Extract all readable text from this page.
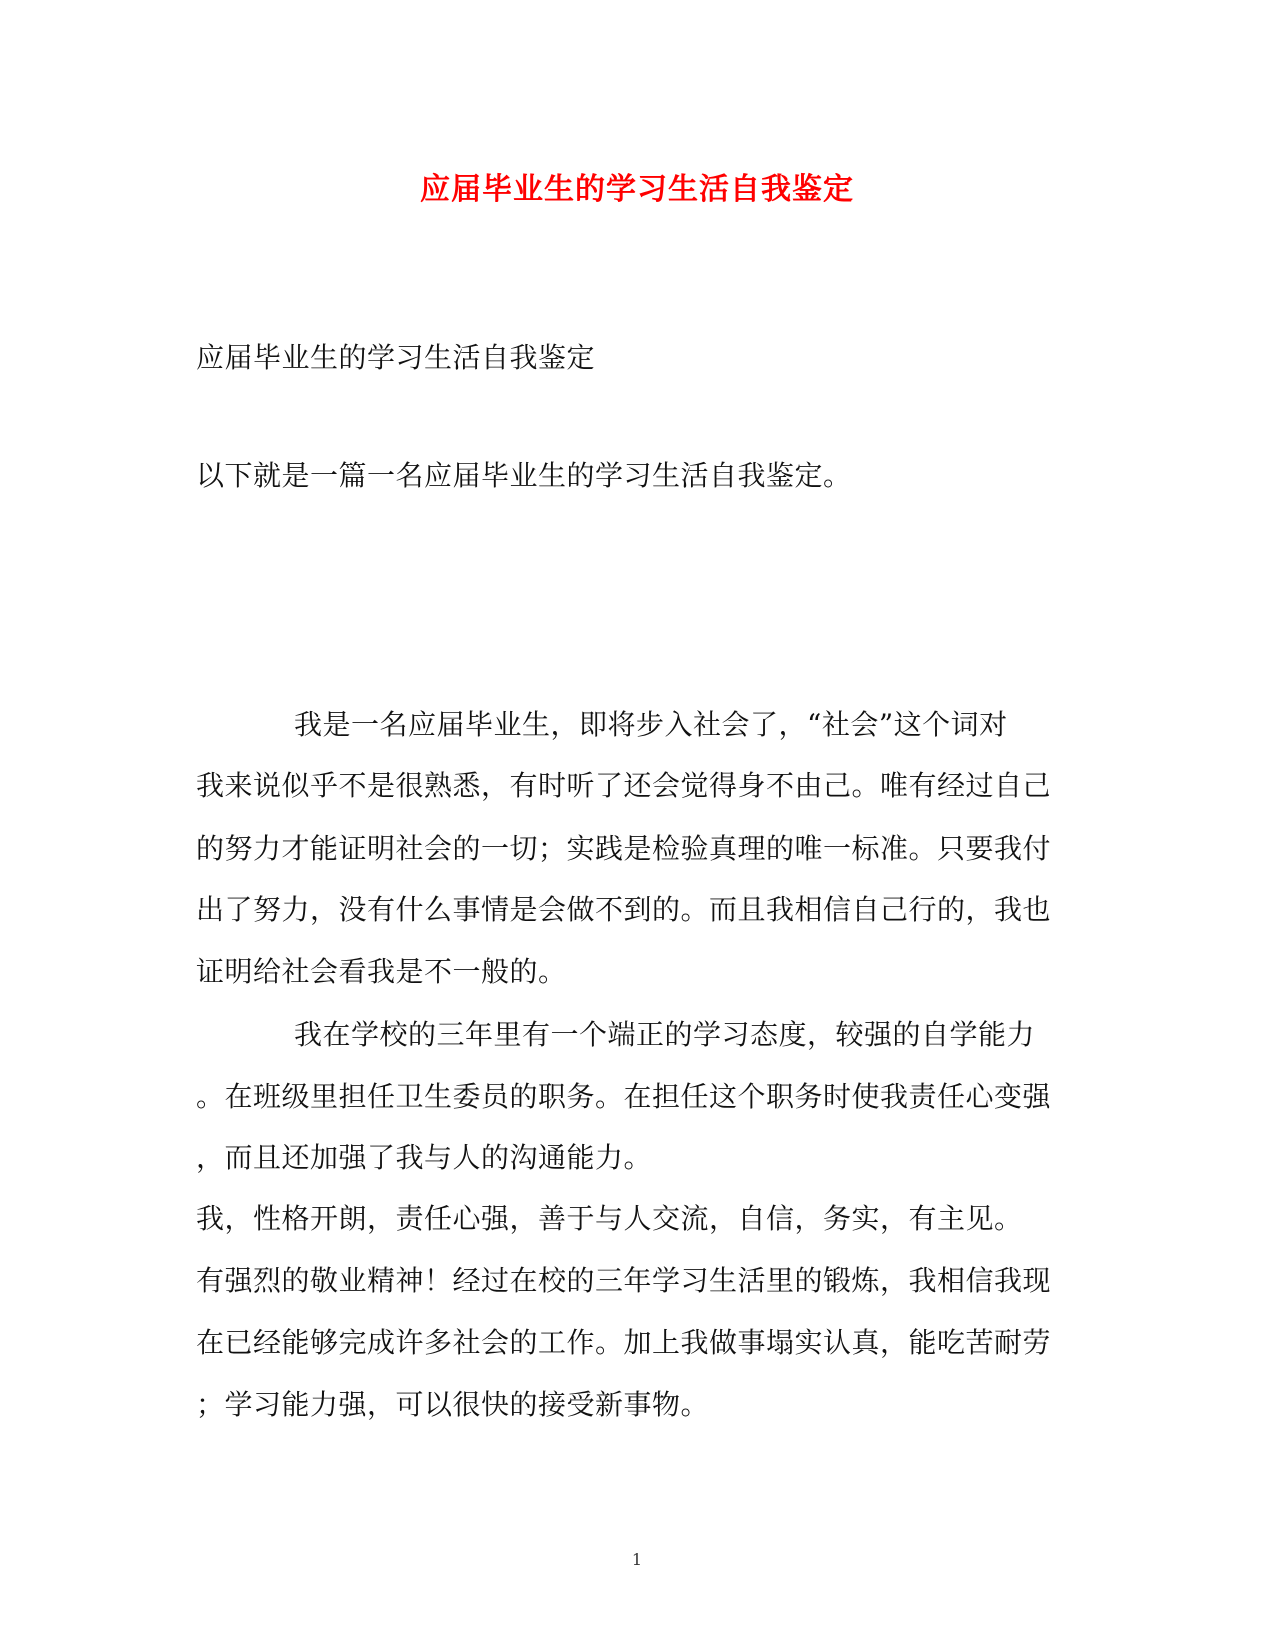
应届毕业生的学习生活自我鉴定
应届毕业生的学习生活自我鉴定
以下就是一篇一名应届毕业生的学习生活自我鉴定。
我是一名应届毕业生，即将步入社会了，“社会”这个词对
我来说似乎不是很熟悉，有时听了还会觉得身不由己。唯有经过自己
的努力才能证明社会的一切；实践是检验真理的唯一标准。只要我付
出了努力，没有什么事情是会做不到的。而且我相信自己行的，我也
证明给社会看我是不一般的。
我在学校的三年里有一个端正的学习态度，较强的自学能力
。在班级里担任卫生委员的职务。在担任这个职务时使我责任心变强
，而且还加强了我与人的沟通能力。
我，性格开朗，责任心强，善于与人交流，自信，务实，有主见。
有强烈的敬业精神！经过在校的三年学习生活里的锻炼，我相信我现
在已经能够完成许多社会的工作。加上我做事塌实认真，能吃苦耐劳
；学习能力强，可以很快的接受新事物。
1
